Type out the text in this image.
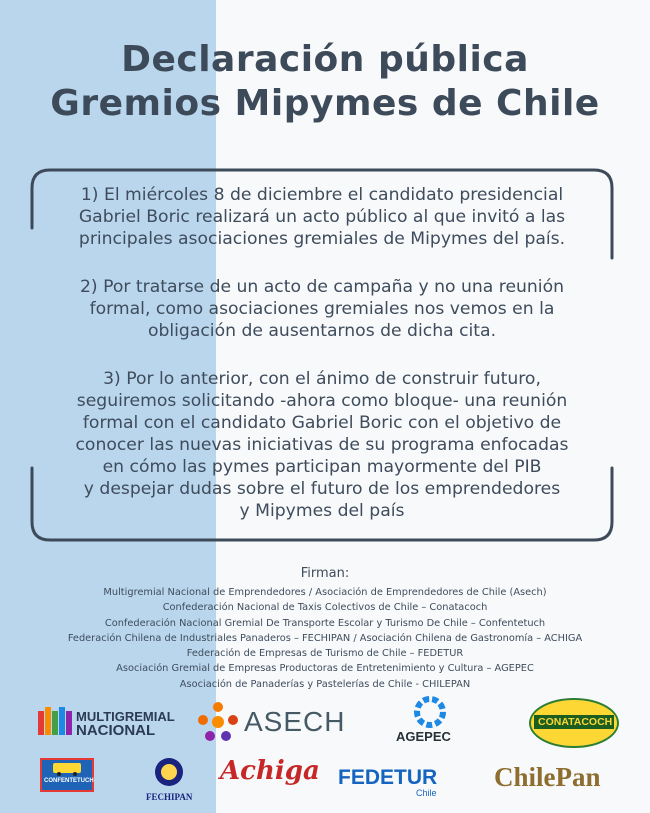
Declaración pública
Gremios Mipymes de Chile

1) El miércoles 8 de diciembre el candidato presidencial
Gabriel Boric realizará un acto público al que invitó a las
principales asociaciones gremiales de Mipymes del país.

2) Por tratarse de un acto de campaña y no una reunión
formal, como asociaciones gremiales nos vemos en la
obligación de ausentarnos de dicha cita.

3) Por lo anterior, con el ánimo de construir futuro,
seguiremos solicitando -ahora como bloque- una reunión
formal con el candidato Gabriel Boric con el objetivo de
conocer las nuevas iniciativas de su programa enfocadas
en cómo las pymes participan mayormente del PIB
y despejar dudas sobre el futuro de los emprendedores
y Mipymes del país

Firman:
Multigremial Nacional de Emprendedores / Asociación de Emprendedores de Chile (Asech)
Confederación Nacional de Taxis Colectivos de Chile – Conatacoch
Confederación Nacional Gremial De Transporte Escolar y Turismo De Chile – Confentetuch
Federación Chilena de Industriales Panaderos – FECHIPAN / Asociación Chilena de Gastronomía – ACHIGA
Federación de Empresas de Turismo de Chile – FEDETUR
Asociación Gremial de Empresas Productoras de Entretenimiento y Cultura – AGEPEC
Asociación de Panaderías y Pastelerías de Chile - CHILEPAN
MULTIGREMIAL
NACIONAL	ASECH	AGEPEC
CONATACOCH
CONFENTETUCH
FECHIPAN
Achiga FEDETUR
Chile
ChilePan
